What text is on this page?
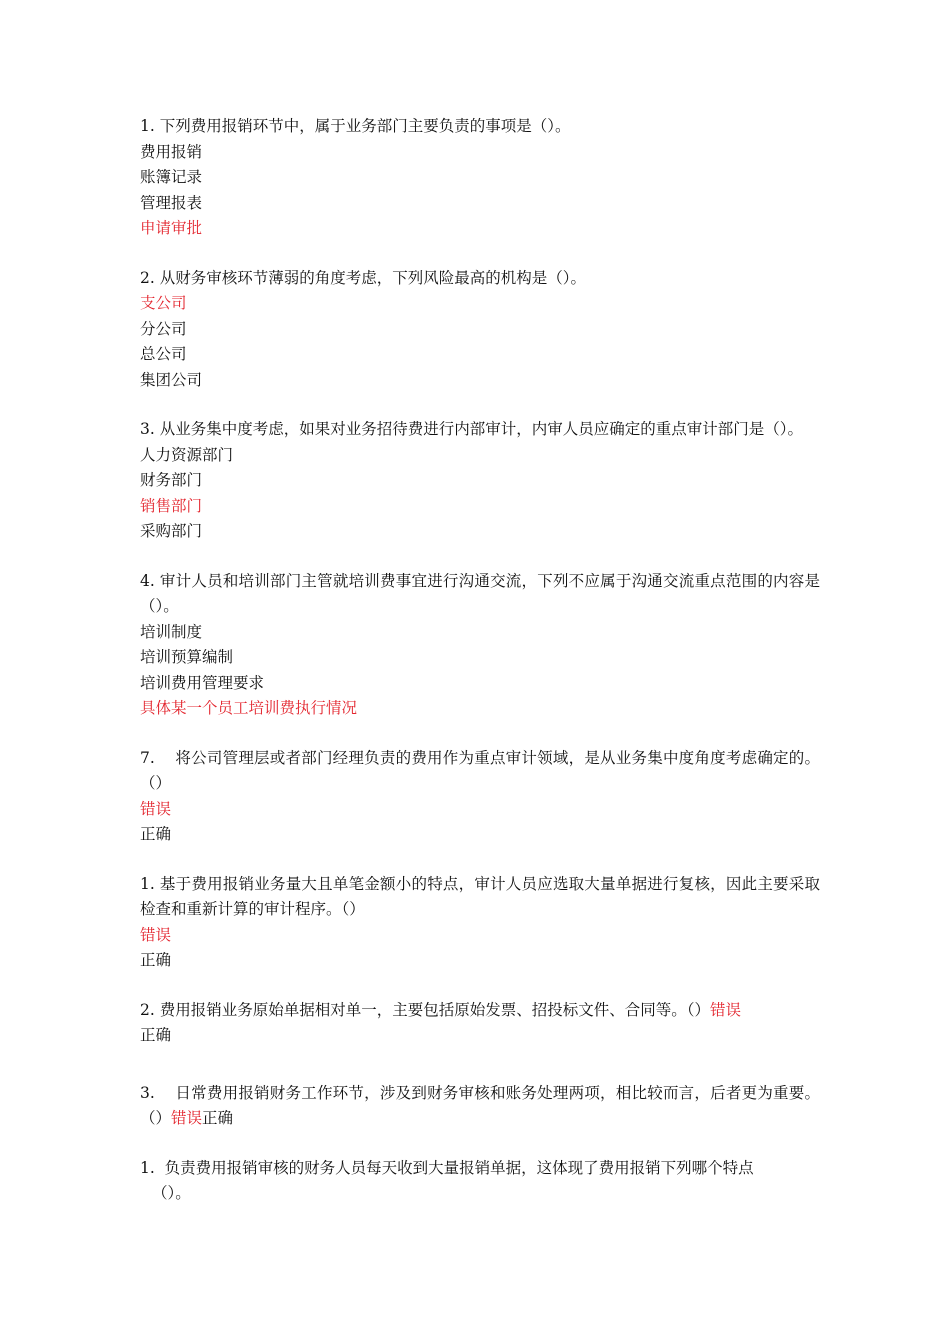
1. 下列费用报销环节中，属于业务部门主要负责的事项是（）。
费用报销
账簿记录
管理报表
申请审批
2. 从财务审核环节薄弱的角度考虑，下列风险最高的机构是（）。
支公司
分公司
总公司
集团公司
3. 从业务集中度考虑，如果对业务招待费进行内部审计，内审人员应确定的重点审计部门是（）。
人力资源部门
财务部门
销售部门
采购部门
4. 审计人员和培训部门主管就培训费事宜进行沟通交流，下列不应属于沟通交流重点范围的内容是（）。
培训制度
培训预算编制
培训费用管理要求
具体某一个员工培训费执行情况
7.    将公司管理层或者部门经理负责的费用作为重点审计领域，是从业务集中度角度考虑确定的。（）
错误
正确
1. 基于费用报销业务量大且单笔金额小的特点，审计人员应选取大量单据进行复核，因此主要采取检查和重新计算的审计程序。（）
错误
正确
2. 费用报销业务原始单据相对单一，主要包括原始发票、招投标文件、合同等。（）错误
正确
3.    日常费用报销财务工作环节，涉及到财务审核和账务处理两项，相比较而言，后者更为重要。（）错误正确
1.  负责费用报销审核的财务人员每天收到大量报销单据，这体现了费用报销下列哪个特点
（）。
